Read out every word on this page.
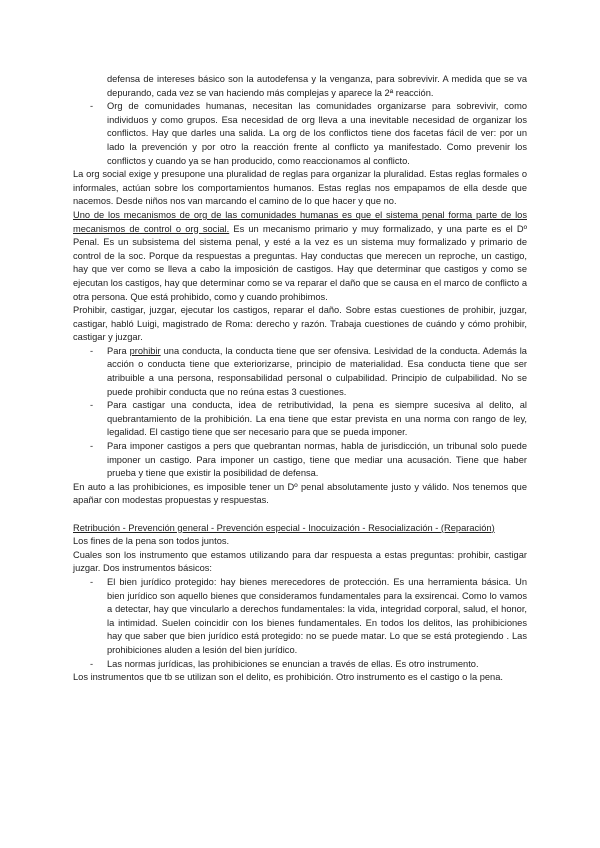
defensa de intereses básico son la autodefensa y la venganza, para sobrevivir. A medida que se va depurando, cada vez se van haciendo más complejas y aparece la 2ª reacción.

- Org de comunidades humanas, necesitan las comunidades organizarse para sobrevivir, como individuos y como grupos. Esa necesidad de org lleva a una inevitable necesidad de organizar los conflictos. Hay que darles una salida. La org de los conflictos tiene dos facetas fácil de ver: por un lado la prevención y por otro la reacción frente al conflicto ya manifestado. Como prevenir los conflictos y cuando ya se han producido, como reaccionamos al conflicto.

La org social exige y presupone una pluralidad de reglas para organizar la pluralidad. Estas reglas formales o informales, actúan sobre los comportamientos humanos. Estas reglas nos empapamos de ella desde que nacemos. Desde niños nos van marcando el camino de lo que hacer y que no.

Uno de los mecanismos de org de las comunidades humanas es que el sistema penal forma parte de los mecanismos de control o org social. Es un mecanismo primario y muy formalizado, y una parte es el Dº Penal. Es un subsistema del sistema penal, y esté a la vez es un sistema muy formalizado y primario de control de la soc. Porque da respuestas a preguntas. Hay conductas que merecen un reproche, un castigo, hay que ver como se lleva a cabo la imposición de castigos. Hay que determinar que castigos y como se ejecutan los castigos, hay que determinar como se va reparar el daño que se causa en el marco de conflicto a otra persona. Que está prohibido, como y cuando prohibimos.

Prohibir, castigar, juzgar, ejecutar los castigos, reparar el daño. Sobre estas cuestiones de prohibir, juzgar, castigar, habló Luigi, magistrado de Roma: derecho y razón. Trabaja cuestiones de cuándo y cómo prohibir, castigar y juzgar.

- Para prohibir una conducta, la conducta tiene que ser ofensiva. Lesividad de la conducta. Además la acción o conducta tiene que exteriorizarse, principio de materialidad. Esa conducta tiene que ser atribuible a una persona, responsabilidad personal o culpabilidad. Principio de culpabilidad. No se puede prohibir conducta que no reúna estas 3 cuestiones.
- Para castigar una conducta, idea de retributividad, la pena es siempre sucesiva al delito, al quebrantamiento de la prohibición. La ena tiene que estar prevista en una norma con rango de ley, legalidad. El castigo tiene que ser necesario para que se pueda imponer.
- Para imponer castigos a pers que quebrantan normas, habla de jurisdicción, un tribunal solo puede imponer un castigo. Para imponer un castigo, tiene que mediar una acusación. Tiene que haber prueba y tiene que existir la posibilidad de defensa.

En auto a las prohibiciones, es imposible tener un Dº penal absolutamente justo y válido. Nos tenemos que apañar con modestas propuestas y respuestas.

Retribución - Prevención general - Prevención especial - Inocuización - Resocialización - (Reparación)

Los fines de la pena son todos juntos.

Cuales son los instrumento que estamos utilizando para dar respuesta a estas preguntas: prohibir, castigar juzgar. Dos instrumentos básicos:

- El bien jurídico protegido: hay bienes merecedores de protección. Es una herramienta básica. Un bien jurídico son aquello bienes que consideramos fundamentales para la exsirencai. Como lo vamos a detectar, hay que vincularlo a derechos fundamentales: la vida, integridad corporal, salud, el honor, la intimidad. Suelen coincidir con los bienes fundamentales. En todos los delitos, las prohibiciones hay que saber que bien jurídico está protegido: no se puede matar. Lo que se está protegiendo . Las prohibiciones aluden a lesión del bien jurídico.
- Las normas jurídicas, las prohibiciones se enuncian a través de ellas. Es otro instrumento.

Los instrumentos que tb se utilizan son el delito, es prohibición. Otro instrumento es el castigo o la pena.
